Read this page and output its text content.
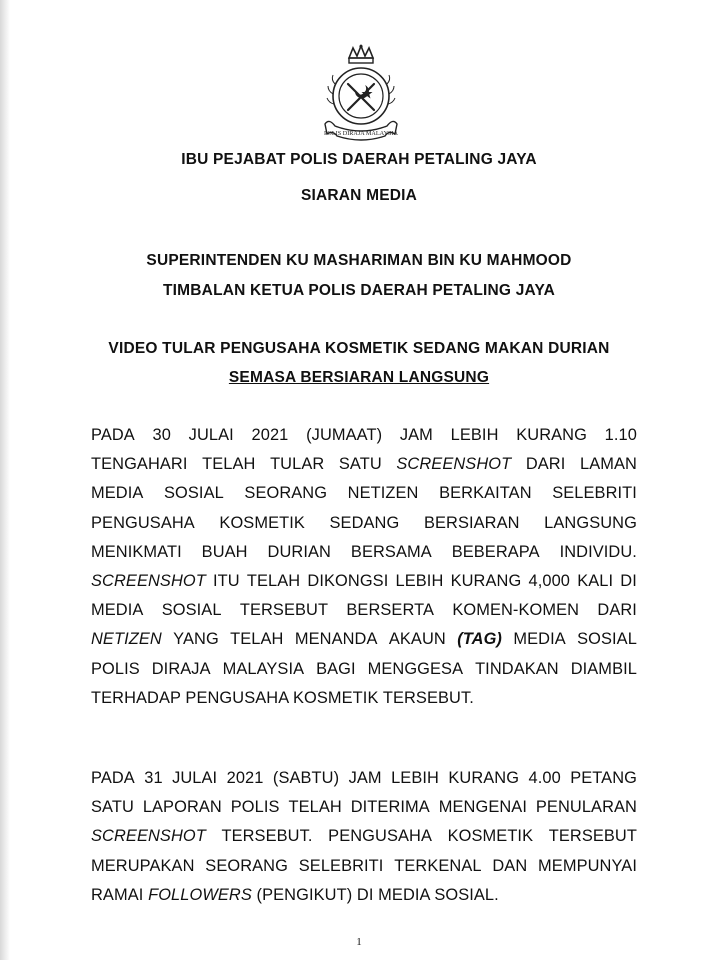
POLIS DIRAJA MALAYSIA
IBU PEJABAT POLIS DAERAH PETALING JAYA
SIARAN MEDIA
SUPERINTENDEN KU MASHARIMAN BIN KU MAHMOOD
TIMBALAN KETUA POLIS DAERAH PETALING JAYA
VIDEO TULAR PENGUSAHA KOSMETIK SEDANG MAKAN DURIAN
SEMASA BERSIARAN LANGSUNG
PADA 30 JULAI 2021 (JUMAAT) JAM LEBIH KURANG 1.10
TENGAHARI TELAH TULAR SATU SCREENSHOT DARI LAMAN
MEDIA SOSIAL SEORANG NETIZEN BERKAITAN SELEBRITI
PENGUSAHA KOSMETIK SEDANG BERSIARAN LANGSUNG
MENIKMATI BUAH DURIAN BERSAMA BEBERAPA INDIVIDU.
SCREENSHOT ITU TELAH DIKONGSI LEBIH KURANG 4,000 KALI DI
MEDIA SOSIAL TERSEBUT BERSERTA KOMEN-KOMEN DARI
NETIZEN YANG TELAH MENANDA AKAUN (TAG) MEDIA SOSIAL
POLIS DIRAJA MALAYSIA BAGI MENGGESA TINDAKAN DIAMBIL
TERHADAP PENGUSAHA KOSMETIK TERSEBUT.
PADA 31 JULAI 2021 (SABTU) JAM LEBIH KURANG 4.00 PETANG
SATU LAPORAN POLIS TELAH DITERIMA MENGENAI PENULARAN
SCREENSHOT TERSEBUT. PENGUSAHA KOSMETIK TERSEBUT
MERUPAKAN SEORANG SELEBRITI TERKENAL DAN MEMPUNYAI
RAMAI FOLLOWERS (PENGIKUT) DI MEDIA SOSIAL.
1
